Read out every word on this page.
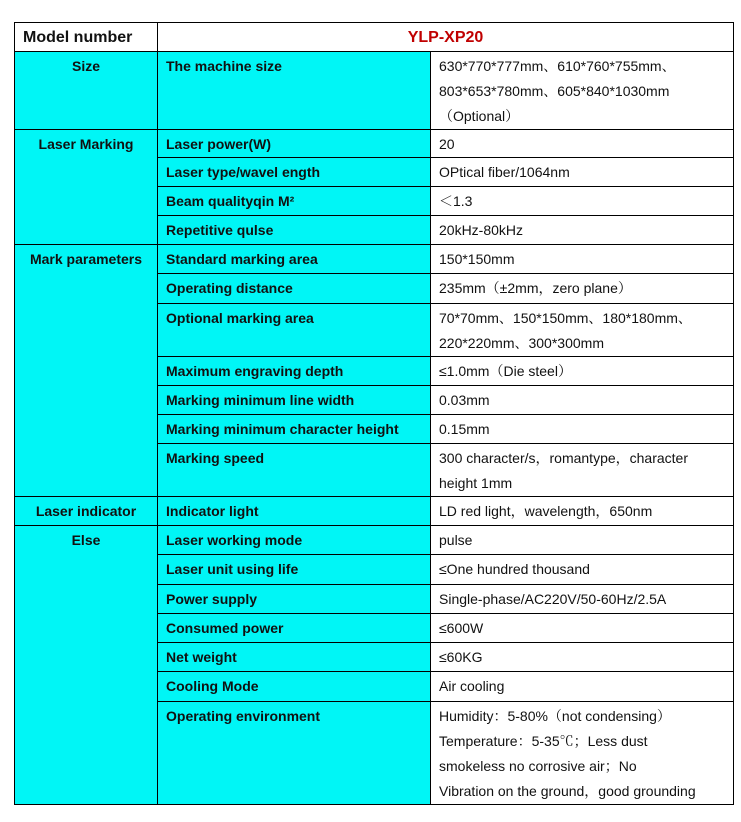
Model number	YLP-XP20	
Size	The machine size	630*770*777mm、610*760*755mm、
803*653*780mm、605*840*1030mm
（Optional）

Laser Marking	Laser power(W)	20

	Laser type/wavel ength	OPtical fiber/1064nm

	Beam qualityqin M²	＜1.3

	Repetitive qulse	20kHz-80kHz

Mark parameters	Standard marking area	150*150mm

	Operating distance	235mm（±2mm，zero plane）

	Optional marking area	70*70mm、150*150mm、180*180mm、
220*220mm、300*300mm

	Maximum engraving depth	≤1.0mm（Die steel）

	Marking minimum line width	0.03mm

	Marking minimum character height	0.15mm

	Marking speed	300 character/s，romantype，character
height 1mm

Laser indicator	Indicator light	LD red light，wavelength，650nm

Else	Laser working mode	pulse

	Laser unit using life	≤One hundred thousand

	Power supply	Single-phase/AC220V/50-60Hz/2.5A

	Consumed power	≤600W

	Net weight	≤60KG

	Cooling Mode	Air cooling

	Operating environment	Humidity：5-80%（not condensing）
Temperature：5-35℃；Less dust
smokeless no corrosive air；No
Vibration on the ground，good grounding
